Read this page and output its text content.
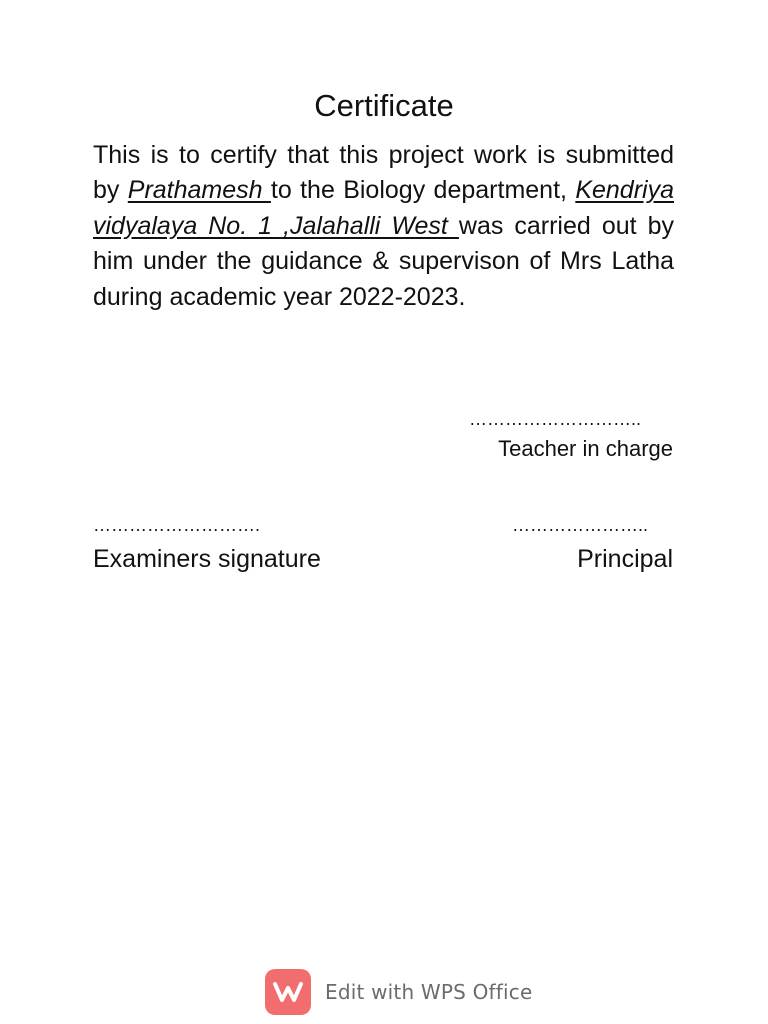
Certificate
This is to certify that this project work is submitted by Prathamesh to the Biology department, Kendriya vidyalaya No. 1 ,Jalahalli West was carried out by him under the guidance & supervison of Mrs Latha during academic year 2022-2023.
………………………..
Teacher in charge
……………………….
Examiners signature
…………………..
Principal
Edit with WPS Office
